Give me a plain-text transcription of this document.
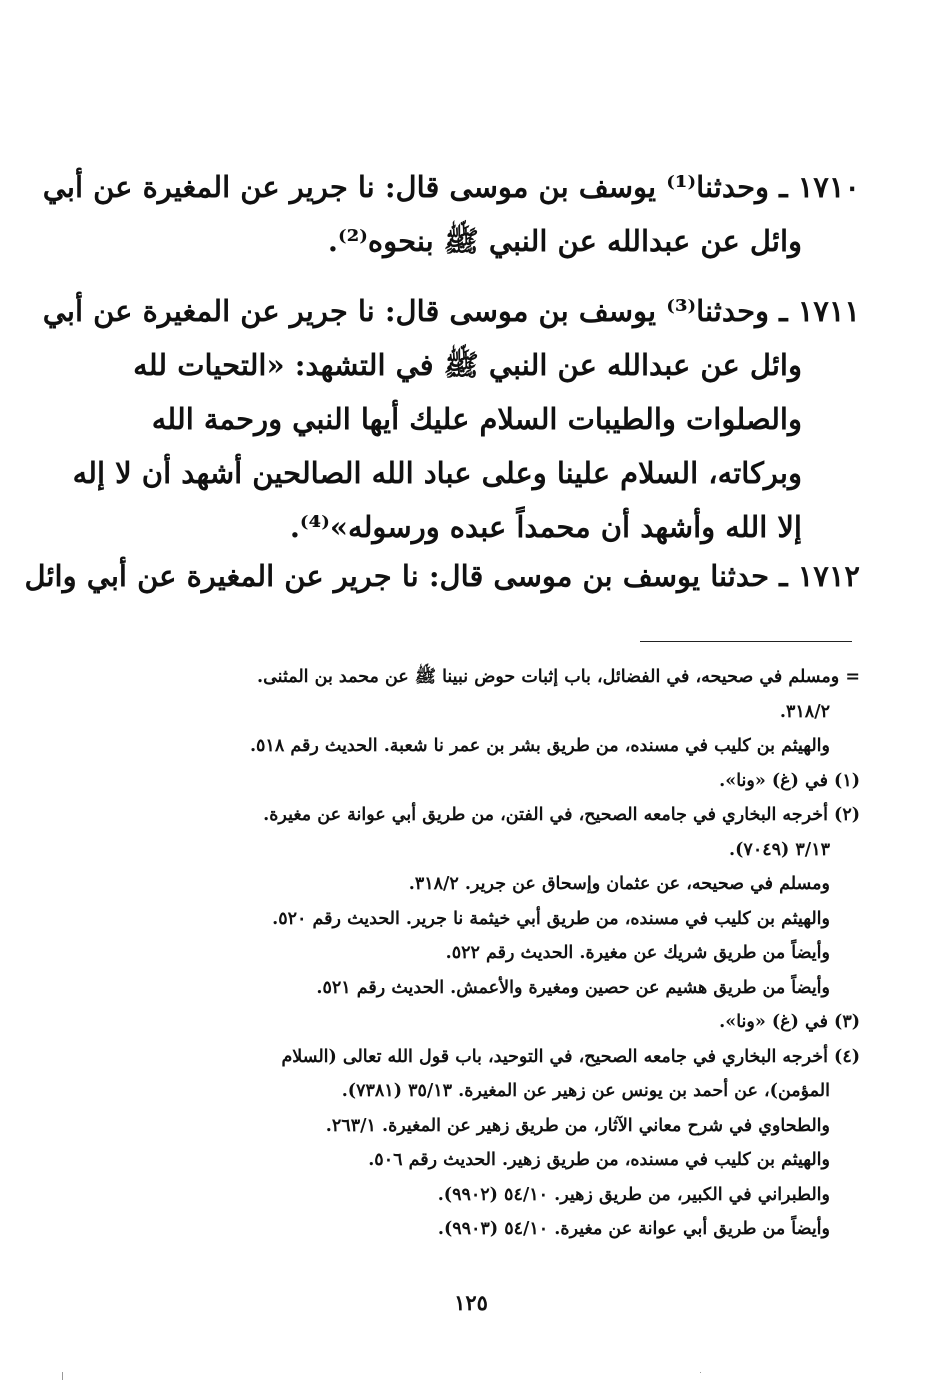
١٧١٠ ـ وحدثنا⁽¹⁾ يوسف بن موسى قال: نا جرير عن المغيرة عن أبي
وائل عن عبدالله عن النبي ﷺ بنحوه⁽²⁾.
١٧١١ ـ وحدثنا⁽³⁾ يوسف بن موسى قال: نا جرير عن المغيرة عن أبي
وائل عن عبدالله عن النبي ﷺ في التشهد: «التحيات لله
والصلوات والطيبات السلام عليك أيها النبي ورحمة الله
وبركاته، السلام علينا وعلى عباد الله الصالحين أشهد أن لا إله
إلا الله وأشهد أن محمداً عبده ورسوله»⁽⁴⁾.
١٧١٢ ـ حدثنا يوسف بن موسى قال: نا جرير عن المغيرة عن أبي وائل
= ومسلم في صحيحه، في الفضائل، باب إثبات حوض نبينا ﷺ عن محمد بن المثنى.
٣١٨/٢.
والهيثم بن كليب في مسنده، من طريق بشر بن عمر نا شعبة. الحديث رقم ٥١٨.
(١) في (غ) «ونا».
(٢) أخرجه البخاري في جامعه الصحيح، في الفتن، من طريق أبي عوانة عن مغيرة.
٣/١٣ (٧٠٤٩).
ومسلم في صحيحه، عن عثمان وإسحاق عن جرير. ٣١٨/٢.
والهيثم بن كليب في مسنده، من طريق أبي خيثمة نا جرير. الحديث رقم ٥٢٠.
وأيضاً من طريق شريك عن مغيرة. الحديث رقم ٥٢٢.
وأيضاً من طريق هشيم عن حصين ومغيرة والأعمش. الحديث رقم ٥٢١.
(٣) في (غ) «ونا».
(٤) أخرجه البخاري في جامعه الصحيح، في التوحيد، باب قول الله تعالى (السلام
المؤمن)، عن أحمد بن يونس عن زهير عن المغيرة. ٣٥/١٣ (٧٣٨١).
والطحاوي في شرح معاني الآثار، من طريق زهير عن المغيرة. ٢٦٣/١.
والهيثم بن كليب في مسنده، من طريق زهير. الحديث رقم ٥٠٦.
والطبراني في الكبير، من طريق زهير. ٥٤/١٠ (٩٩٠٢).
وأيضاً من طريق أبي عوانة عن مغيرة. ٥٤/١٠ (٩٩٠٣).
١٢٥
